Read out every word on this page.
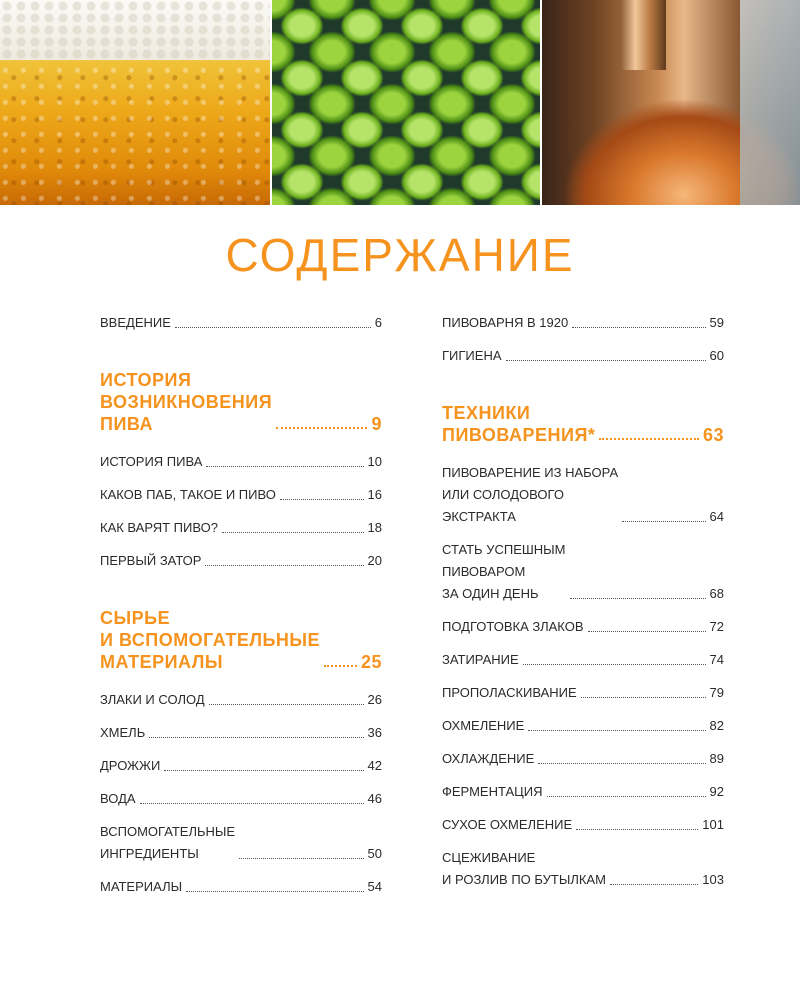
СОДЕРЖАНИЕ
ВВЕДЕНИЕ	6
ИСТОРИЯ
ВОЗНИКНОВЕНИЯ
ПИВА	9
ИСТОРИЯ ПИВА	10
КАКОВ ПАБ, ТАКОЕ И ПИВО	16
КАК ВАРЯТ ПИВО?	18
ПЕРВЫЙ ЗАТОР	20
СЫРЬЕ
И ВСПОМОГАТЕЛЬНЫЕ
МАТЕРИАЛЫ	25
ЗЛАКИ И СОЛОД	26
ХМЕЛЬ	36
ДРОЖЖИ	42
ВОДА	46
ВСПОМОГАТЕЛЬНЫЕ
ИНГРЕДИЕНТЫ	50
МАТЕРИАЛЫ	54
ПИВОВАРНЯ В 1920	59
ГИГИЕНА	60
ТЕХНИКИ
ПИВОВАРЕНИЯ*	63
ПИВОВАРЕНИЕ ИЗ НАБОРА
ИЛИ СОЛОДОВОГО
ЭКСТРАКТА	64
СТАТЬ УСПЕШНЫМ
ПИВОВАРОМ
ЗА ОДИН ДЕНЬ	68
ПОДГОТОВКА ЗЛАКОВ	72
ЗАТИРАНИЕ	74
ПРОПОЛАСКИВАНИЕ	79
ОХМЕЛЕНИЕ	82
ОХЛАЖДЕНИЕ	89
ФЕРМЕНТАЦИЯ	92
СУХОЕ ОХМЕЛЕНИЕ	101
СЦЕЖИВАНИЕ
И РОЗЛИВ ПО БУТЫЛКАМ	103
